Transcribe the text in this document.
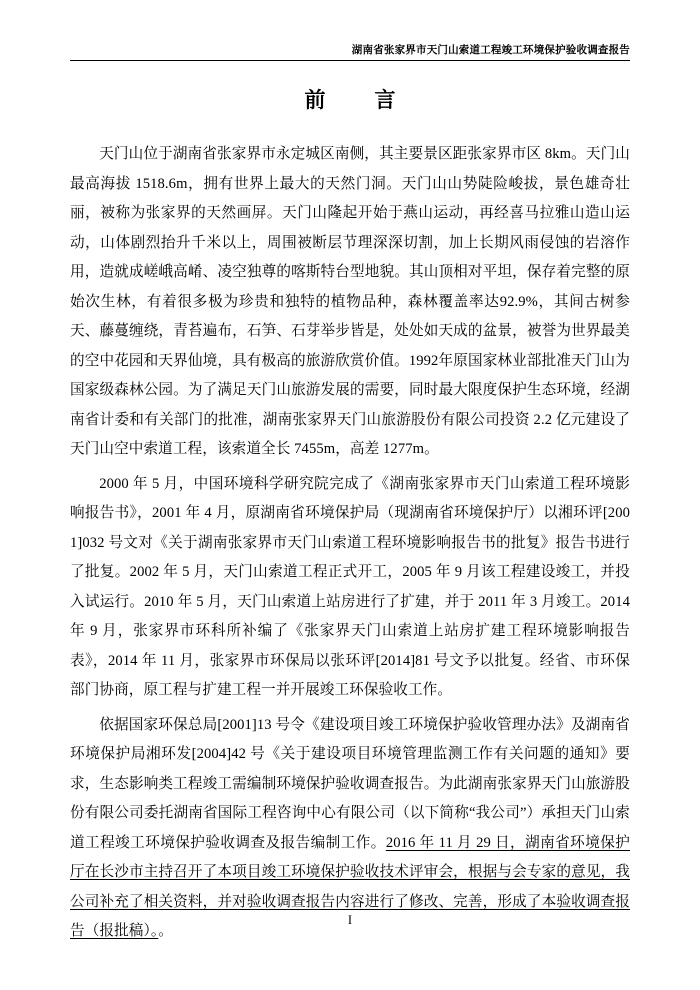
湖南省张家界市天门山索道工程竣工环境保护验收调查报告
前　言

天门山位于湖南省张家界市永定城区南侧，其主要景区距张家界市区 8km。天门山最高海拔 1518.6m，拥有世界上最大的天然门洞。天门山山势陡险峻拔，景色雄奇壮丽，被称为张家界的天然画屏。天门山隆起开始于燕山运动，再经喜马拉雅山造山运动，山体剧烈抬升千米以上，周围被断层节理深深切割，加上长期风雨侵蚀的岩溶作用，造就成嵯峨高崤、凌空独尊的喀斯特台型地貌。其山顶相对平坦，保存着完整的原始次生林，有着很多极为珍贵和独特的植物品种，森林覆盖率达92.9%，其间古树参天、藤蔓缠绕，青苔遍布，石笋、石芽举步皆是，处处如天成的盆景，被誉为世界最美的空中花园和天界仙境，具有极高的旅游欣赏价值。1992年原国家林业部批准天门山为国家级森林公园。为了满足天门山旅游发展的需要，同时最大限度保护生态环境，经湖南省计委和有关部门的批准，湖南张家界天门山旅游股份有限公司投资 2.2 亿元建设了天门山空中索道工程，该索道全长 7455m，高差 1277m。

2000 年 5 月，中国环境科学研究院完成了《湖南张家界市天门山索道工程环境影响报告书》，2001 年 4 月，原湖南省环境保护局（现湖南省环境保护厅）以湘环评[2001]032 号文对《关于湖南张家界市天门山索道工程环境影响报告书的批复》报告书进行了批复。2002 年 5 月，天门山索道工程正式开工，2005 年 9 月该工程建设竣工，并投入试运行。2010 年 5 月，天门山索道上站房进行了扩建，并于 2011 年 3 月竣工。2014 年 9 月，张家界市环科所补编了《张家界天门山索道上站房扩建工程环境影响报告表》，2014 年 11 月，张家界市环保局以张环评[2014]81 号文予以批复。经省、市环保部门协商，原工程与扩建工程一并开展竣工环保验收工作。

依据国家环保总局[2001]13 号令《建设项目竣工环境保护验收管理办法》及湖南省环境保护局湘环发[2004]42 号《关于建设项目环境管理监测工作有关问题的通知》要求，生态影响类工程竣工需编制环境保护验收调查报告。为此湖南张家界天门山旅游股份有限公司委托湖南省国际工程咨询中心有限公司（以下简称“我公司”）承担天门山索道工程竣工环境保护验收调查及报告编制工作。2016 年 11 月 29 日，湖南省环境保护厅在长沙市主持召开了本项目竣工环境保护验收技术评审会，根据与会专家的意见，我公司补充了相关资料，并对验收调查报告内容进行了修改、完善，形成了本验收调查报告（报批稿）。。

I
